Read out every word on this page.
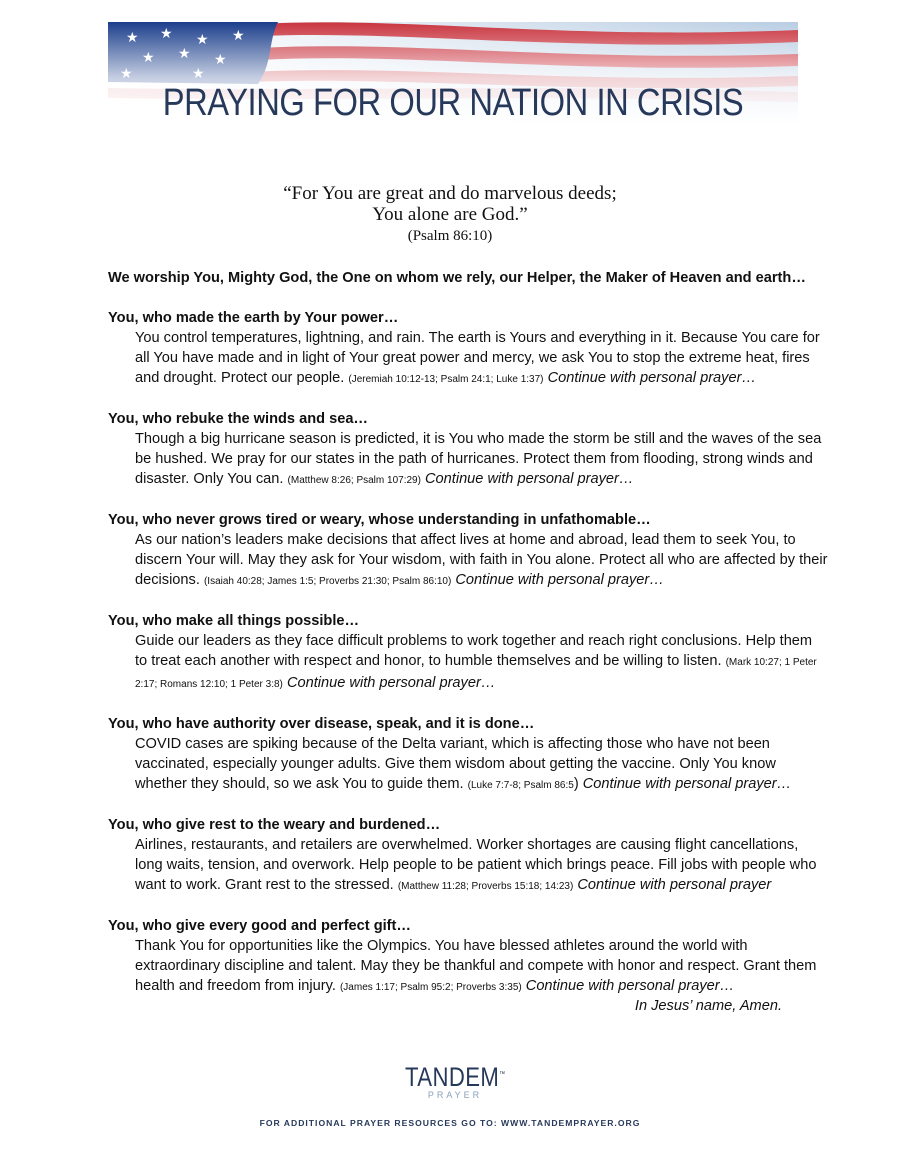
PRAYING FOR OUR NATION IN CRISIS
“For You are great and do marvelous deeds;
You alone are God.”
(Psalm 86:10)
We worship You, Mighty God, the One on whom we rely, our Helper, the Maker of Heaven and earth…
You, who made the earth by Your power…
You control temperatures, lightning, and rain. The earth is Yours and everything in it. Because You care for all You have made and in light of Your great power and mercy, we ask You to stop the extreme heat, fires and drought. Protect our people. (Jeremiah 10:12-13; Psalm 24:1; Luke 1:37) Continue with personal prayer…
You, who rebuke the winds and sea…
Though a big hurricane season is predicted, it is You who made the storm be still and the waves of the sea be hushed. We pray for our states in the path of hurricanes. Protect them from flooding, strong winds and disaster. Only You can. (Matthew 8:26; Psalm 107:29) Continue with personal prayer…
You, who never grows tired or weary, whose understanding in unfathomable…
As our nation’s leaders make decisions that affect lives at home and abroad, lead them to seek You, to discern Your will. May they ask for Your wisdom, with faith in You alone. Protect all who are affected by their decisions. (Isaiah 40:28; James 1:5; Proverbs 21:30; Psalm 86:10) Continue with personal prayer…
You, who make all things possible…
Guide our leaders as they face difficult problems to work together and reach right conclusions. Help them to treat each another with respect and honor, to humble themselves and be willing to listen. (Mark 10:27; 1 Peter 2:17; Romans 12:10; 1 Peter 3:8) Continue with personal prayer…
You, who have authority over disease, speak, and it is done…
COVID cases are spiking because of the Delta variant, which is affecting those who have not been vaccinated, especially younger adults. Give them wisdom about getting the vaccine. Only You know whether they should, so we ask You to guide them. (Luke 7:7-8; Psalm 86:5) Continue with personal prayer…
You, who give rest to the weary and burdened…
Airlines, restaurants, and retailers are overwhelmed. Worker shortages are causing flight cancellations, long waits, tension, and overwork. Help people to be patient which brings peace. Fill jobs with people who want to work. Grant rest to the stressed. (Matthew 11:28; Proverbs 15:18; 14:23) Continue with personal prayer
You, who give every good and perfect gift…
Thank You for opportunities like the Olympics. You have blessed athletes around the world with extraordinary discipline and talent. May they be thankful and compete with honor and respect. Grant them health and freedom from injury. (James 1:17; Psalm 95:2; Proverbs 3:35) Continue with personal prayer…
In Jesus’ name, Amen.
TANDEM™
PRAYER
FOR ADDITIONAL PRAYER RESOURCES GO TO: WWW.TANDEMPRAYER.ORG
